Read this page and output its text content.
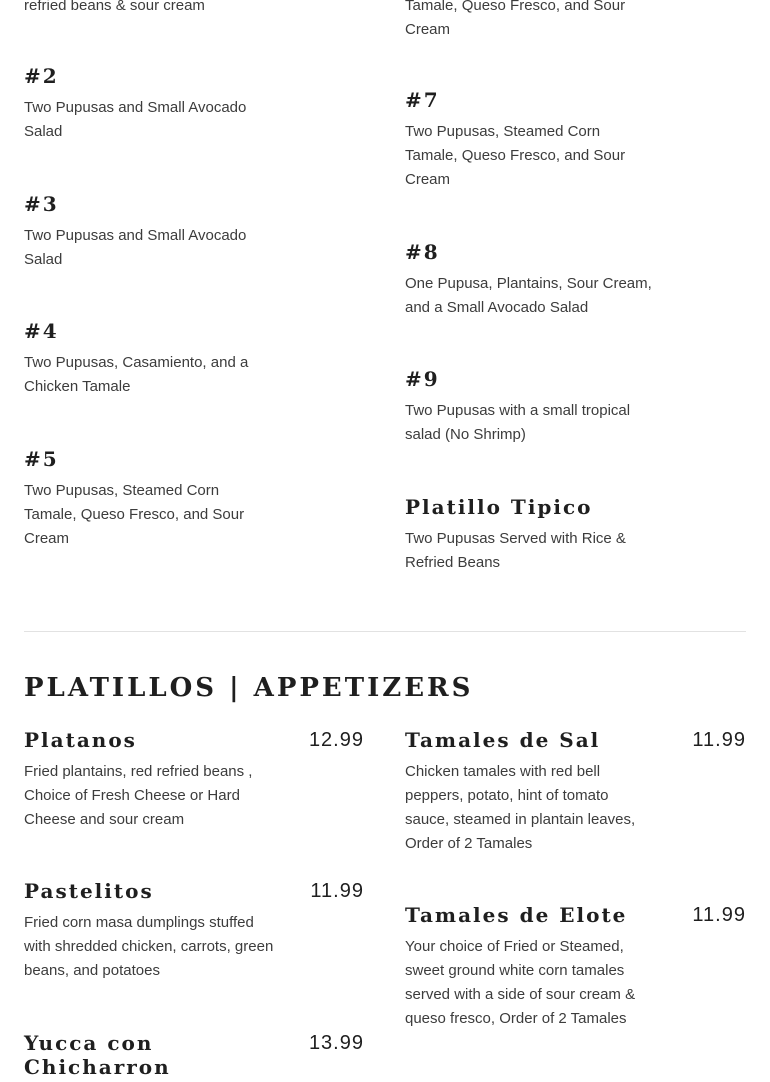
refried beans & sour cream
#2
Two Pupusas and Small Avocado Salad
#3
Two Pupusas and Small Avocado Salad
#4
Two Pupusas, Casamiento, and a Chicken Tamale
#5
Two Pupusas, Steamed Corn Tamale, Queso Fresco, and Sour Cream
Tamale, Queso Fresco, and Sour Cream
#7
Two Pupusas, Steamed Corn Tamale, Queso Fresco, and Sour Cream
#8
One Pupusa, Plantains, Sour Cream, and a Small Avocado Salad
#9
Two Pupusas with a small tropical salad (No Shrimp)
Platillo Tipico
Two Pupusas Served with Rice & Refried Beans
PLATILLOS | APPETIZERS
Platanos
Fried plantains, red refried beans , Choice of Fresh Cheese or Hard Cheese and sour cream
12.99
Pastelitos
Fried corn masa dumplings stuffed with shredded chicken, carrots, green beans, and potatoes
11.99
Yucca con Chicharron
13.99
Tamales de Sal
Chicken tamales with red bell peppers, potato, hint of tomato sauce, steamed in plantain leaves, Order of 2 Tamales
11.99
Tamales de Elote
Your choice of Fried or Steamed, sweet ground white corn tamales served with a side of sour cream & queso fresco, Order of 2 Tamales
11.99
